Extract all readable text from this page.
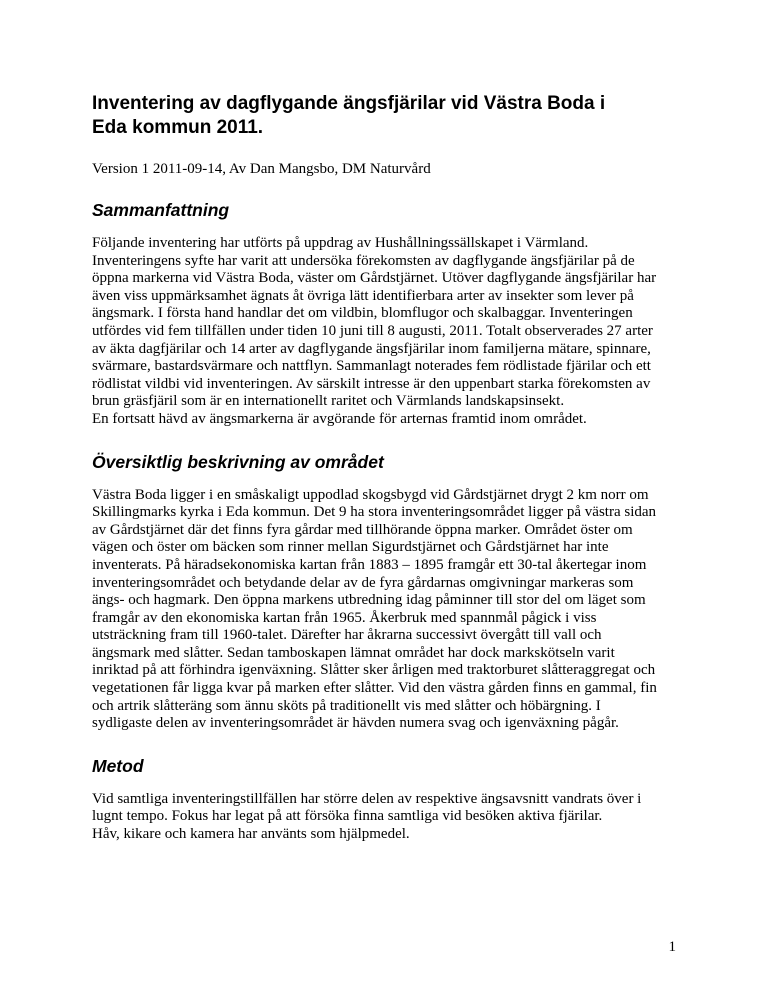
Inventering av dagflygande ängsfjärilar vid Västra Boda i
Eda kommun 2011.

Version 1 2011-09-14, Av Dan Mangsbo, DM Naturvård

Sammanfattning

Följande inventering har utförts på uppdrag av Hushållningssällskapet i Värmland.
Inventeringens syfte har varit att undersöka förekomsten av dagflygande ängsfjärilar på de
öppna markerna vid Västra Boda, väster om Gårdstjärnet. Utöver dagflygande ängsfjärilar har
även viss uppmärksamhet ägnats åt övriga lätt identifierbara arter av insekter som lever på
ängsmark. I första hand handlar det om vildbin, blomflugor och skalbaggar. Inventeringen
utfördes vid fem tillfällen under tiden 10 juni till 8 augusti, 2011. Totalt observerades 27 arter
av äkta dagfjärilar och 14 arter av dagflygande ängsfjärilar inom familjerna mätare, spinnare,
svärmare, bastardsvärmare och nattflyn. Sammanlagt noterades fem rödlistade fjärilar och ett
rödlistat vildbi vid inventeringen. Av särskilt intresse är den uppenbart starka förekomsten av
brun gräsfjäril som är en internationellt raritet och Värmlands landskapsinsekt.
En fortsatt hävd av ängsmarkerna är avgörande för arternas framtid inom området.

Översiktlig beskrivning av området

Västra Boda ligger i en småskaligt uppodlad skogsbygd vid Gårdstjärnet drygt 2 km norr om
Skillingmarks kyrka i Eda kommun. Det 9 ha stora inventeringsområdet ligger på västra sidan
av Gårdstjärnet där det finns fyra gårdar med tillhörande öppna marker. Området öster om
vägen och öster om bäcken som rinner mellan Sigurdstjärnet och Gårdstjärnet har inte
inventerats. På häradsekonomiska kartan från 1883 – 1895 framgår ett 30-tal åkertegar inom
inventeringsområdet och betydande delar av de fyra gårdarnas omgivningar markeras som
ängs- och hagmark. Den öppna markens utbredning idag påminner till stor del om läget som
framgår av den ekonomiska kartan från 1965. Åkerbruk med spannmål pågick i viss
utsträckning fram till 1960-talet. Därefter har åkrarna successivt övergått till vall och
ängsmark med slåtter. Sedan tamboskapen lämnat området har dock markskötseln varit
inriktad på att förhindra igenväxning. Slåtter sker årligen med traktorburet slåtteraggregat och
vegetationen får ligga kvar på marken efter slåtter. Vid den västra gården finns en gammal, fin
och artrik slåtteräng som ännu sköts på traditionellt vis med slåtter och höbärgning. I
sydligaste delen av inventeringsområdet är hävden numera svag och igenväxning pågår.

Metod

Vid samtliga inventeringstillfällen har större delen av respektive ängsavsnitt vandrats över i
lugnt tempo. Fokus har legat på att försöka finna samtliga vid besöken aktiva fjärilar.
Håv, kikare och kamera har använts som hjälpmedel.

1
